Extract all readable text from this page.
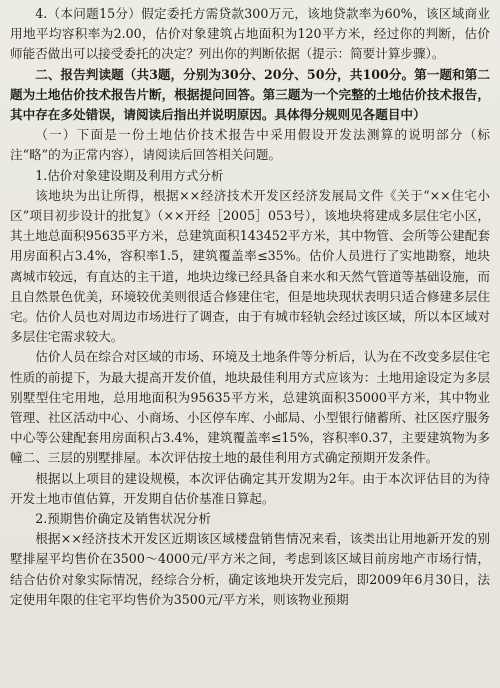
4.（本问题15分）假定委托方需贷款300万元，该地贷款率为60%，该区域商业用地平均容积率为2.00，估价对象建筑占地面积为120平方米，经过你的判断，估价师能否做出可以接受委托的决定？列出你的判断依据（提示：简要计算步骤）。

二、报告判读题（共3题，分别为30分、20分、50分，共100分。第一题和第二题为土地估价技术报告片断，根据提问回答。第三题为一个完整的土地估价技术报告，其中存在多处错误，请阅读后指出并说明原因。具体得分规则见各题目中）

（一）下面是一份土地估价技术报告中采用假设开发法测算的说明部分（标注“略”的为正常内容），请阅读后回答相关问题。

1.估价对象建设期及利用方式分析

该地块为出让所得，根据××经济技术开发区经济发展局文件《关于“××住宅小区”项目初步设计的批复》（××开经［2005］053号），该地块将建成多层住宅小区，其土地总面积95635平方米，总建筑面积143452平方米，其中物管、会所等公建配套用房面积占3.4%，容积率1.5，建筑覆盖率≤35%。估价人员进行了实地勘察，地块离城市较远，有直达的主干道，地块边缘已经具备自来水和天然气管道等基础设施，而且自然景色优美，环境较优美则很适合修建住宅，但是地块现状表明只适合修建多层住宅。估价人员也对周边市场进行了调查，由于有城市轻轨会经过该区域，所以本区域对多层住宅需求较大。

估价人员在综合对区域的市场、环境及土地条件等分析后，认为在不改变多层住宅性质的前提下，为最大提高开发价值，地块最佳利用方式应该为：土地用途设定为多层别墅型住宅用地，总用地面积为95635平方米，总建筑面积35000平方米，其中物业管理、社区活动中心、小商场、小区停车库、小邮局、小型银行储蓄所、社区医疗服务中心等公建配套用房面积占3.4%，建筑覆盖率≤15%，容积率0.37，主要建筑物为多幢二、三层的别墅排屋。本次评估按土地的最佳利用方式确定预期开发条件。

根据以上项目的建设规模，本次评估确定其开发期为2年。由于本次评估目的为待开发土地市值估算，开发期自估价基准日算起。

2.预期售价确定及销售状况分析

根据××经济技术开发区近期该区域楼盘销售情况来看，该类出让用地新开发的别墅排屋平均售价在3500～4000元/平方米之间，考虑到该区域目前房地产市场行情，结合估价对象实际情况，经综合分析，确定该地块开发完后，即2009年6月30日，法定使用年限的住宅平均售价为3500元/平方米，则该物业预期
